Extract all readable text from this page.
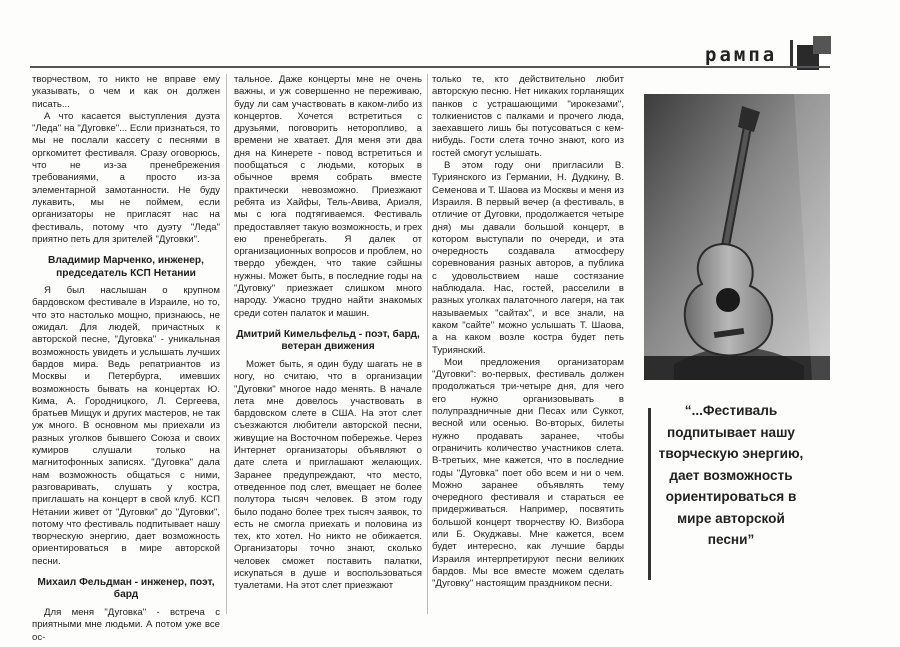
рампа

творчеством, то никто не вправе ему указывать, о чем и как он должен писать...

А что касается выступления дуэта "Леда" на "Дуговке"... Если признаться, то мы не послали кассету с песнями в оргкомитет фестиваля. Сразу оговорюсь, что не из-за пренебрежения требованиями, а просто из-за элементарной замотанности. Не буду лукавить, мы не поймем, если организаторы не пригласят нас на фестиваль, потому что дуэту "Леда" приятно петь для зрителей "Дуговки".

Владимир Марченко, инженер, председатель КСП Нетании

Я был наслышан о крупном бардовском фестивале в Израиле, но то, что это настолько мощно, признаюсь, не ожидал. Для людей, причастных к авторской песне, "Дуговка" - уникальная возможность увидеть и услышать лучших бардов мира. Ведь репатриантов из Москвы и Петербурга, имевших возможность бывать на концертах Ю. Кима, А. Городницкого, Л. Сергеева, братьев Мищук и других мастеров, не так уж много. В основном мы приехали из разных уголков бывшего Союза и своих кумиров слушали только на магнитофонных записях. "Дуговка" дала нам возможность общаться с ними, разговаривать, слушать у костра, приглашать на концерт в свой клуб. КСП Нетании живет от "Дуговки" до "Дуговки", потому что фестиваль подпитывает нашу творческую энергию, дает возможность ориентироваться в мире авторской песни.

Михаил Фельдман - инженер, поэт, бард

Для меня "Дуговка" - встреча с приятными мне людьми. А потом уже все ос-

тальное. Даже концерты мне не очень важны, и уж совершенно не переживаю, буду ли сам участвовать в каком-либо из концертов. Хочется встретиться с друзьями, поговорить неторопливо, а времени не хватает. Для меня эти два дня на Кинерете - повод встретиться и пообщаться с людьми, которых в обычное время собрать вместе практически невозможно. Приезжают ребята из Хайфы, Тель-Авива, Ариэля, мы с юга подтягиваемся. Фестиваль предоставляет такую возможность, и грех ею пренебрегать. Я далек от организационных вопросов и проблем, но твердо убежден, что такие сэйшны нужны. Может быть, в последние годы на "Дуговку" приезжает слишком много народу. Ужасно трудно найти знакомых среди сотен палаток и машин.

Дмитрий Кимельфельд - поэт, бард, ветеран движения

Может быть, я один буду шагать не в ногу, но считаю, что в организации "Дуговки" многое надо менять. В начале лета мне довелось участвовать в бардовском слете в США. На этот слет съезжаются любители авторской песни, живущие на Восточном побережье. Через Интернет организаторы объявляют о дате слета и приглашают желающих. Заранее предупреждают, что место, отведенное под слет, вмещает не более полутора тысяч человек. В этом году было подано более трех тысяч заявок, то есть не смогла приехать и половина из тех, кто хотел. Но никто не обижается. Организаторы точно знают, сколько человек сможет поставить палатки, искупаться в душе и воспользоваться туалетами. На этот слет приезжают

только те, кто действительно любит авторскую песню. Нет никаких горланящих панков с устрашающими "ирокезами", толкиенистов с палками и прочего люда, заехавшего лишь бы потусоваться с кем-нибудь. Гости слета точно знают, кого из гостей смогут услышать.

В этом году они пригласили В. Туриянского из Германии, Н. Дудкину, В. Семенова и Т. Шаова из Москвы и меня из Израиля. В первый вечер (а фестиваль, в отличие от Дуговки, продолжается четыре дня) мы давали большой концерт, в котором выступали по очереди, и эта очередность создавала атмосферу соревнования разных авторов, а публика с удовольствием наше состязание наблюдала. Нас, гостей, расселили в разных уголках палаточного лагеря, на так называемых "сайтах", и все знали, на каком "сайте" можно услышать Т. Шаова, а на каком возле костра будет петь Туриянский.

Мои предложения организаторам "Дуговки": во-первых, фестиваль должен продолжаться три-четыре дня, для чего его нужно организовывать в полупраздничные дни Песах или Суккот, весной или осенью. Во-вторых, билеты нужно продавать заранее, чтобы ограничить количество участников слета. В-третьих, мне кажется, что в последние годы "Дуговка" поет обо всем и ни о чем. Можно заранее объявлять тему очередного фестиваля и стараться ее придерживаться. Например, посвятить большой концерт творчеству Ю. Визбора или Б. Окуджавы. Мне кажется, всем будет интересно, как лучшие барды Израиля интерпретируют песни великих бардов. Мы все вместе можем сделать "Дуговку" настоящим праздником песни.

“...Фестиваль подпитывает нашу творческую энергию, дает возможность ориентироваться в мире авторской песни”
